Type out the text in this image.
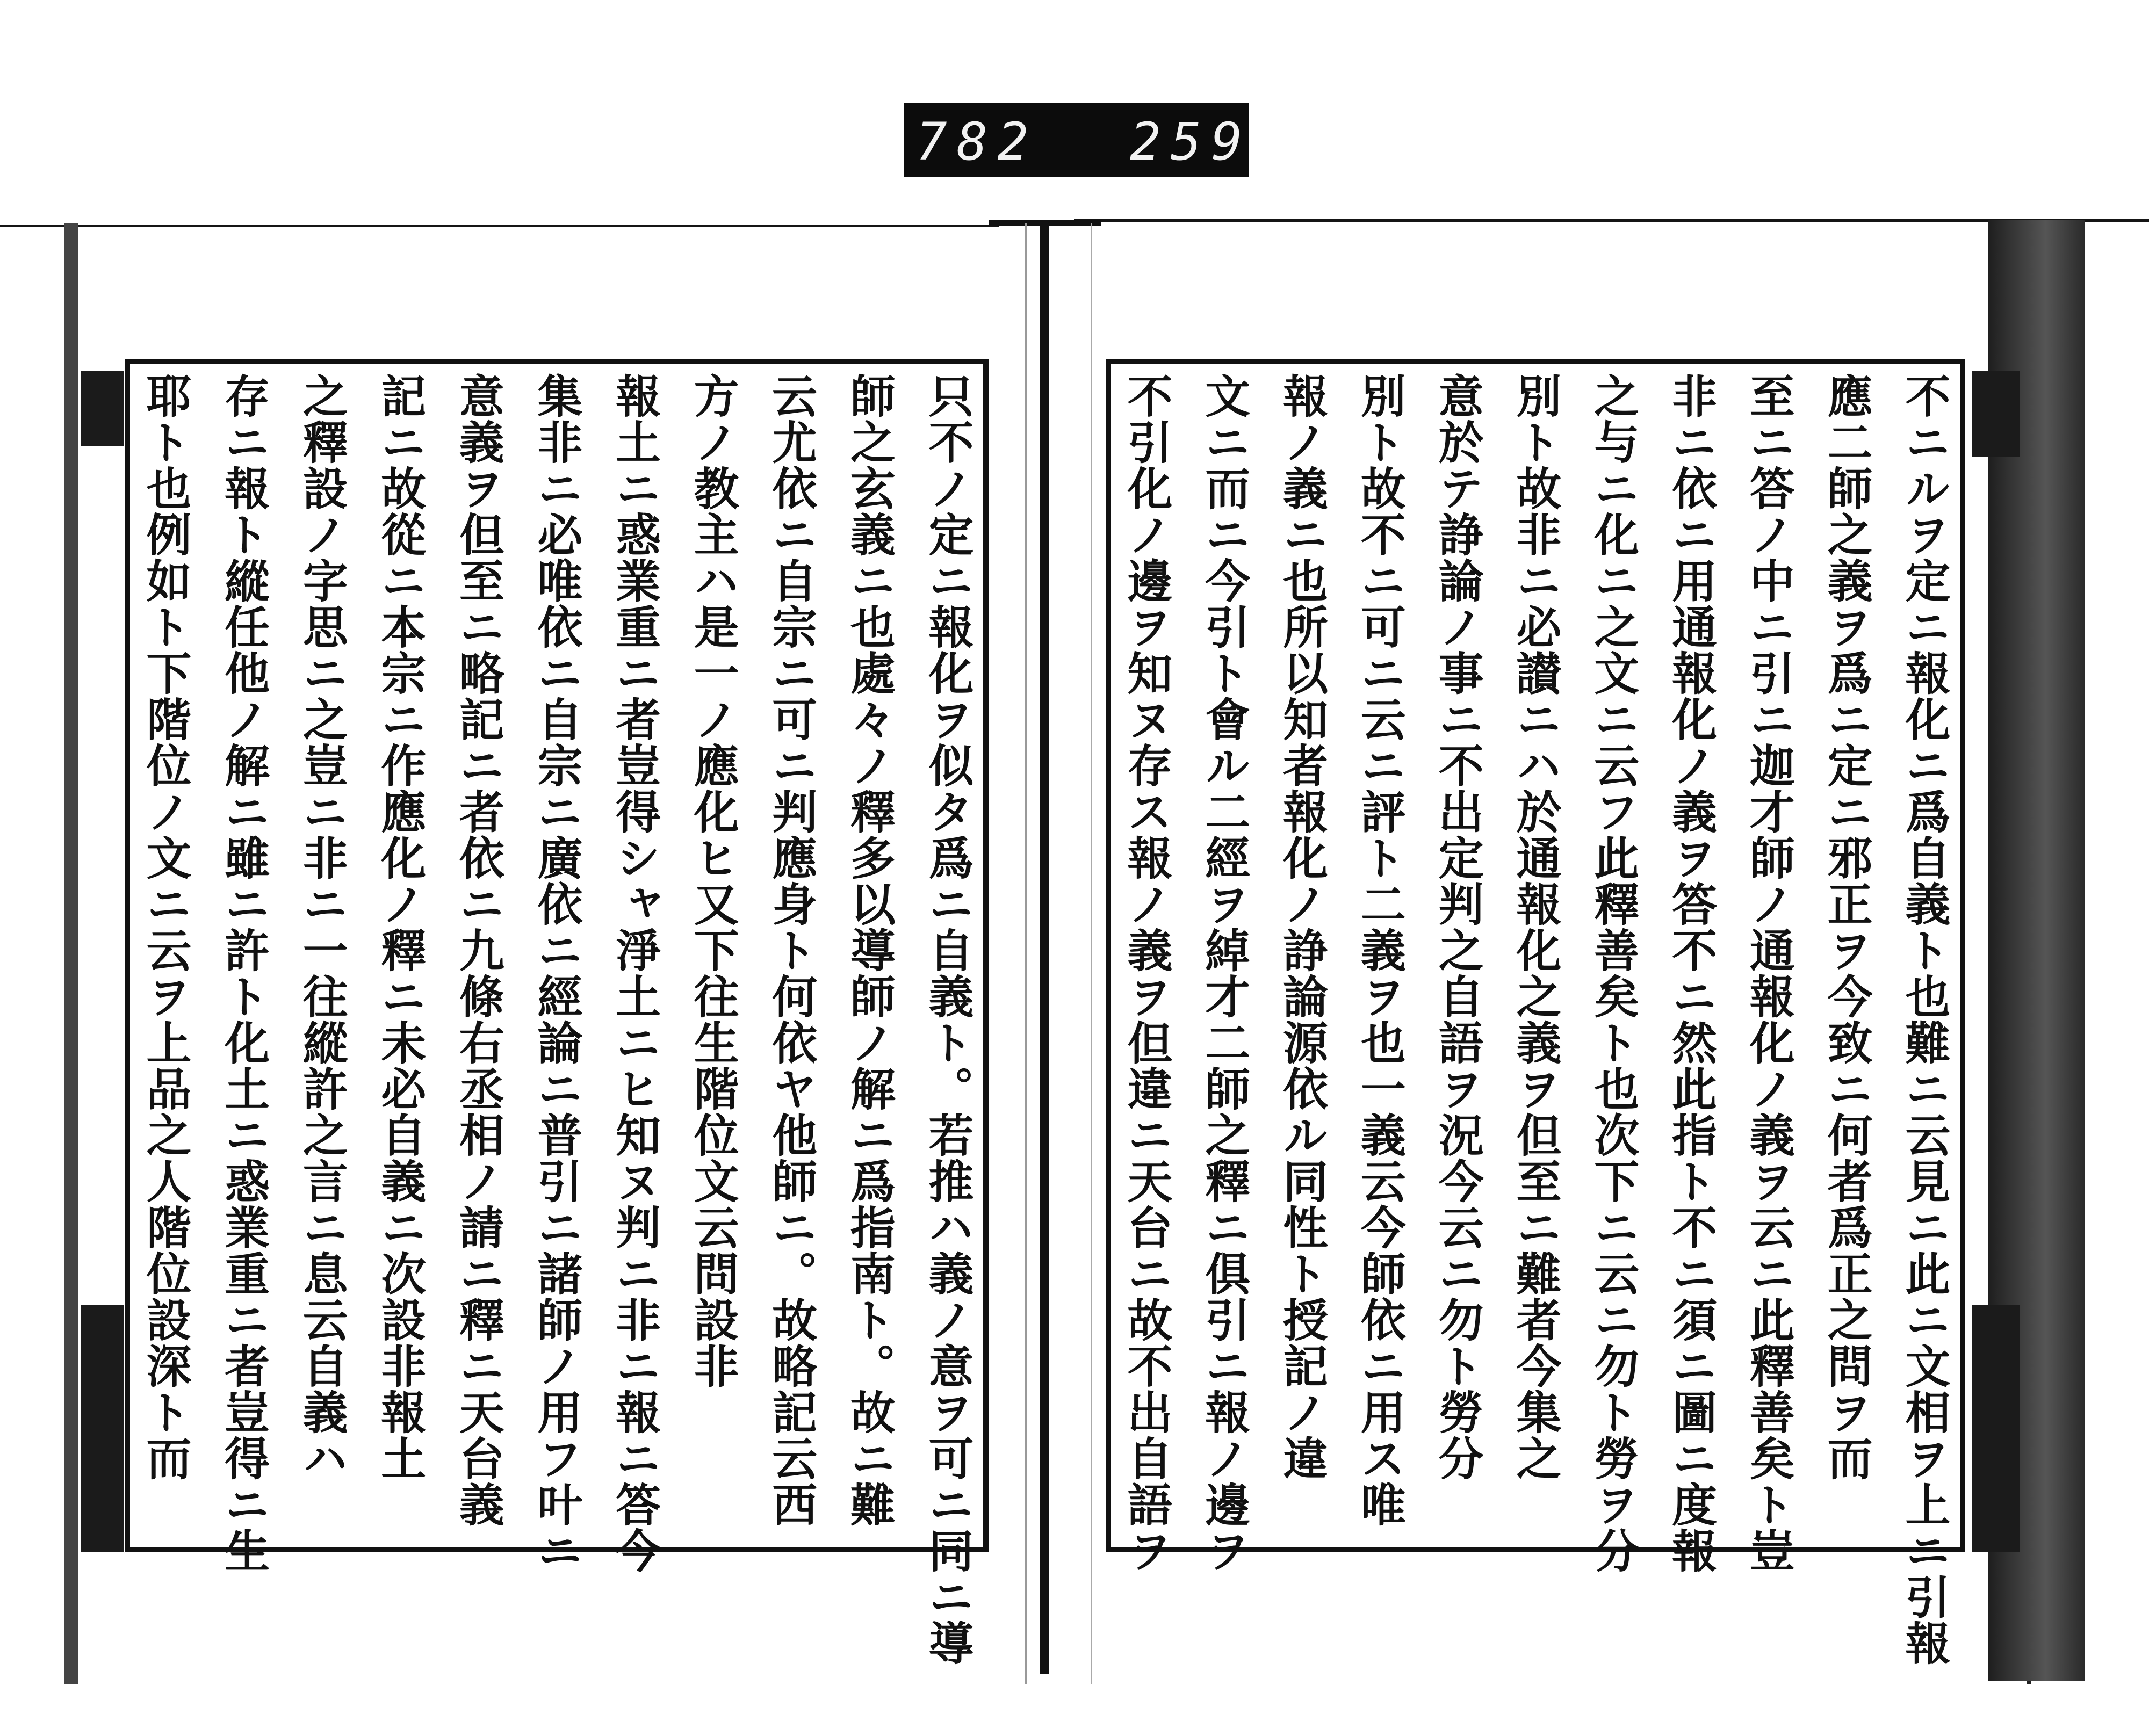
782 259
只不ノ定ニ報化ヲ似タ爲ニ自義ト。若推ハ義ノ意ヲ可ニ同ニ導
師之玄義ニ也處々ノ釋多以導師ノ解ニ爲指南ト。故ニ難
云尤依ニ自宗ニ可ニ判應身ト何依ヤ他師ニ。故略記云西
方ノ教主ハ是一ノ應化ヒ又下往生階位文云問設非
報土ニ惑業重ニ者豈得シャ淨土ニヒ知ヌ判ニ非ニ報ニ答今
集非ニ必唯依ニ自宗ニ廣依ニ經論ニ普引ニ諸師ノ用フ叶ニ
意義ヲ但至ニ略記ニ者依ニ九條右丞相ノ請ニ釋ニ天台義
記ニ故從ニ本宗ニ作應化ノ釋ニ未必自義ニ次設非報土
之釋設ノ字思ニ之豈ニ非ニ一往縱許之言ニ息云自義ハ
存ニ報ト縱任他ノ解ニ雖ニ許ト化土ニ惑業重ニ者豈得ニ生
耶ト也例如ト下階位ノ文ニ云ヲ上品之人階位設深ト而	不ニルヲ定ニ報化ニ爲自義ト也難ニ云見ニ此ニ文相ヲ上ニ引報
應二師之義ヲ爲ニ定ニ邪正ヲ今致ニ何者爲正之問ヲ而
至ニ答ノ中ニ引ニ迦才師ノ通報化ノ義ヲ云ニ此釋善矣ト豈
非ニ依ニ用通報化ノ義ヲ答不ニ然此指ト不ニ須ニ圖ニ度報
之与ニ化ニ之文ニ云フ此釋善矣ト也次下ニ云ニ勿ト勞ヲ分
別ト故非ニ必讃ニハ於通報化之義ヲ但至ニ難者今集之
意於テ諍論ノ事ニ不出定判之自語ヲ況今云ニ勿ト勞分
別ト故不ニ可ニ云ニ評ト二義ヲ也一義云今師依ニ用ス唯
報ノ義ニ也所以知者報化ノ諍論源依ル同性ト授記ノ違
文ニ而ニ今引ト會ル二經ヲ綽才二師之釋ニ俱引ニ報ノ邊ヲ
不引化ノ邊ヲ知ヌ存ス報ノ義ヲ但違ニ天台ニ故不出自語ヲ
